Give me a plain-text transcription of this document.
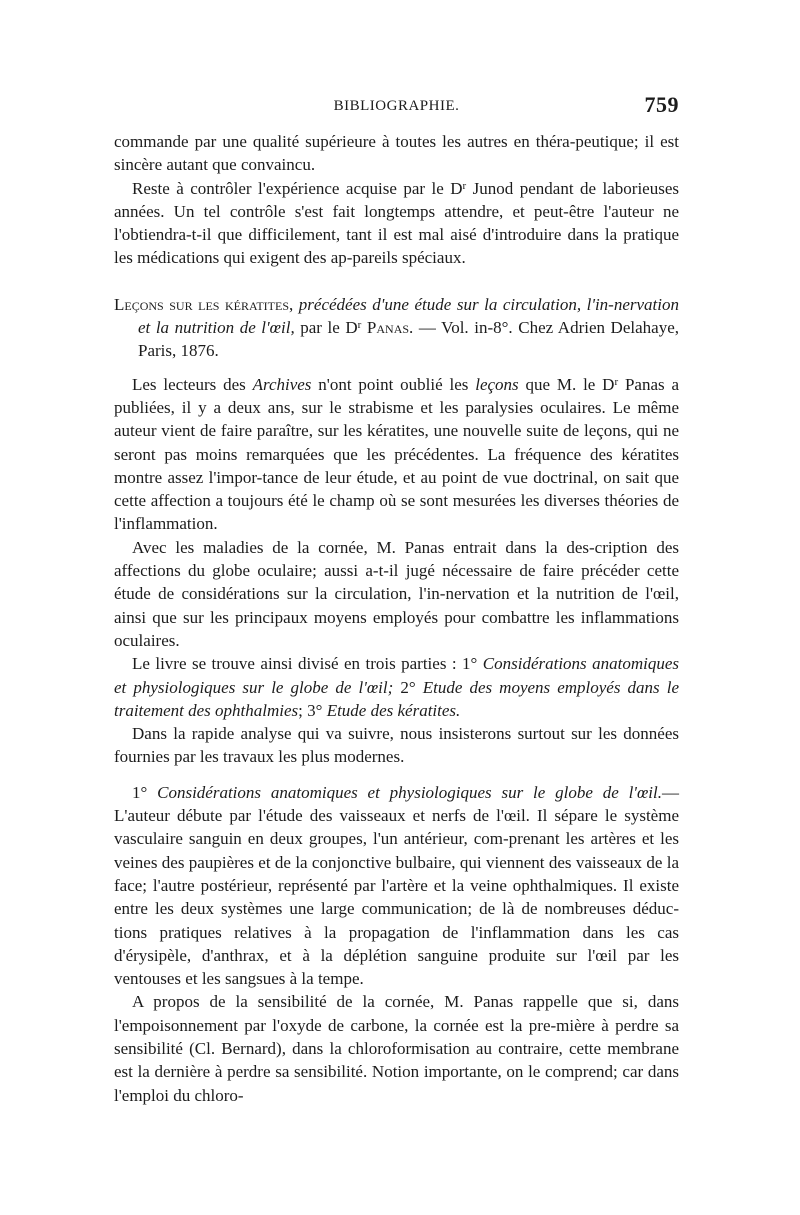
BIBLIOGRAPHIE.	759

commande par une qualité supérieure à toutes les autres en théra-peutique; il est sincère autant que convaincu.

Reste à contrôler l'expérience acquise par le $D^r$ Junod pendant de laborieuses années. Un tel contrôle s'est fait longtemps attendre, et peut-être l'auteur ne l'obtiendra-t-il que difficilement, tant il est mal aisé d'introduire dans la pratique les médications qui exigent des ap-pareils spéciaux.

Leçons sur les kératites, précédées d'une étude sur la circulation, l'in-nervation et la nutrition de l'œil, par le $D^r$ Panas. — Vol. in-8°. Chez Adrien Delahaye, Paris, 1876.

Les lecteurs des Archives n'ont point oublié les leçons que M. le $D^r$ Panas a publiées, il y a deux ans, sur le strabisme et les paralysies oculaires. Le même auteur vient de faire paraître, sur les kératites, une nouvelle suite de leçons, qui ne seront pas moins remarquées que les précédentes. La fréquence des kératites montre assez l'impor-tance de leur étude, et au point de vue doctrinal, on sait que cette affection a toujours été le champ où se sont mesurées les diverses théories de l'inflammation.

Avec les maladies de la cornée, M. Panas entrait dans la des-cription des affections du globe oculaire; aussi a-t-il jugé nécessaire de faire précéder cette étude de considérations sur la circulation, l'in-nervation et la nutrition de l'œil, ainsi que sur les principaux moyens employés pour combattre les inflammations oculaires.

Le livre se trouve ainsi divisé en trois parties : 1° Considérations anatomiques et physiologiques sur le globe de l'œil; 2° Etude des moyens employés dans le traitement des ophthalmies; 3° Etude des kératites.

Dans la rapide analyse qui va suivre, nous insisterons surtout sur les données fournies par les travaux les plus modernes.

1° Considérations anatomiques et physiologiques sur le globe de l'œil.— L'auteur débute par l'étude des vaisseaux et nerfs de l'œil. Il sépare le système vasculaire sanguin en deux groupes, l'un antérieur, com-prenant les artères et les veines des paupières et de la conjonctive bulbaire, qui viennent des vaisseaux de la face; l'autre postérieur, représenté par l'artère et la veine ophthalmiques. Il existe entre les deux systèmes une large communication; de là de nombreuses déduc-tions pratiques relatives à la propagation de l'inflammation dans les cas d'érysipèle, d'anthrax, et à la déplétion sanguine produite sur l'œil par les ventouses et les sangsues à la tempe.

A propos de la sensibilité de la cornée, M. Panas rappelle que si, dans l'empoisonnement par l'oxyde de carbone, la cornée est la pre-mière à perdre sa sensibilité (Cl. Bernard), dans la chloroformisation au contraire, cette membrane est la dernière à perdre sa sensibilité. Notion importante, on le comprend; car dans l'emploi du chloro-
